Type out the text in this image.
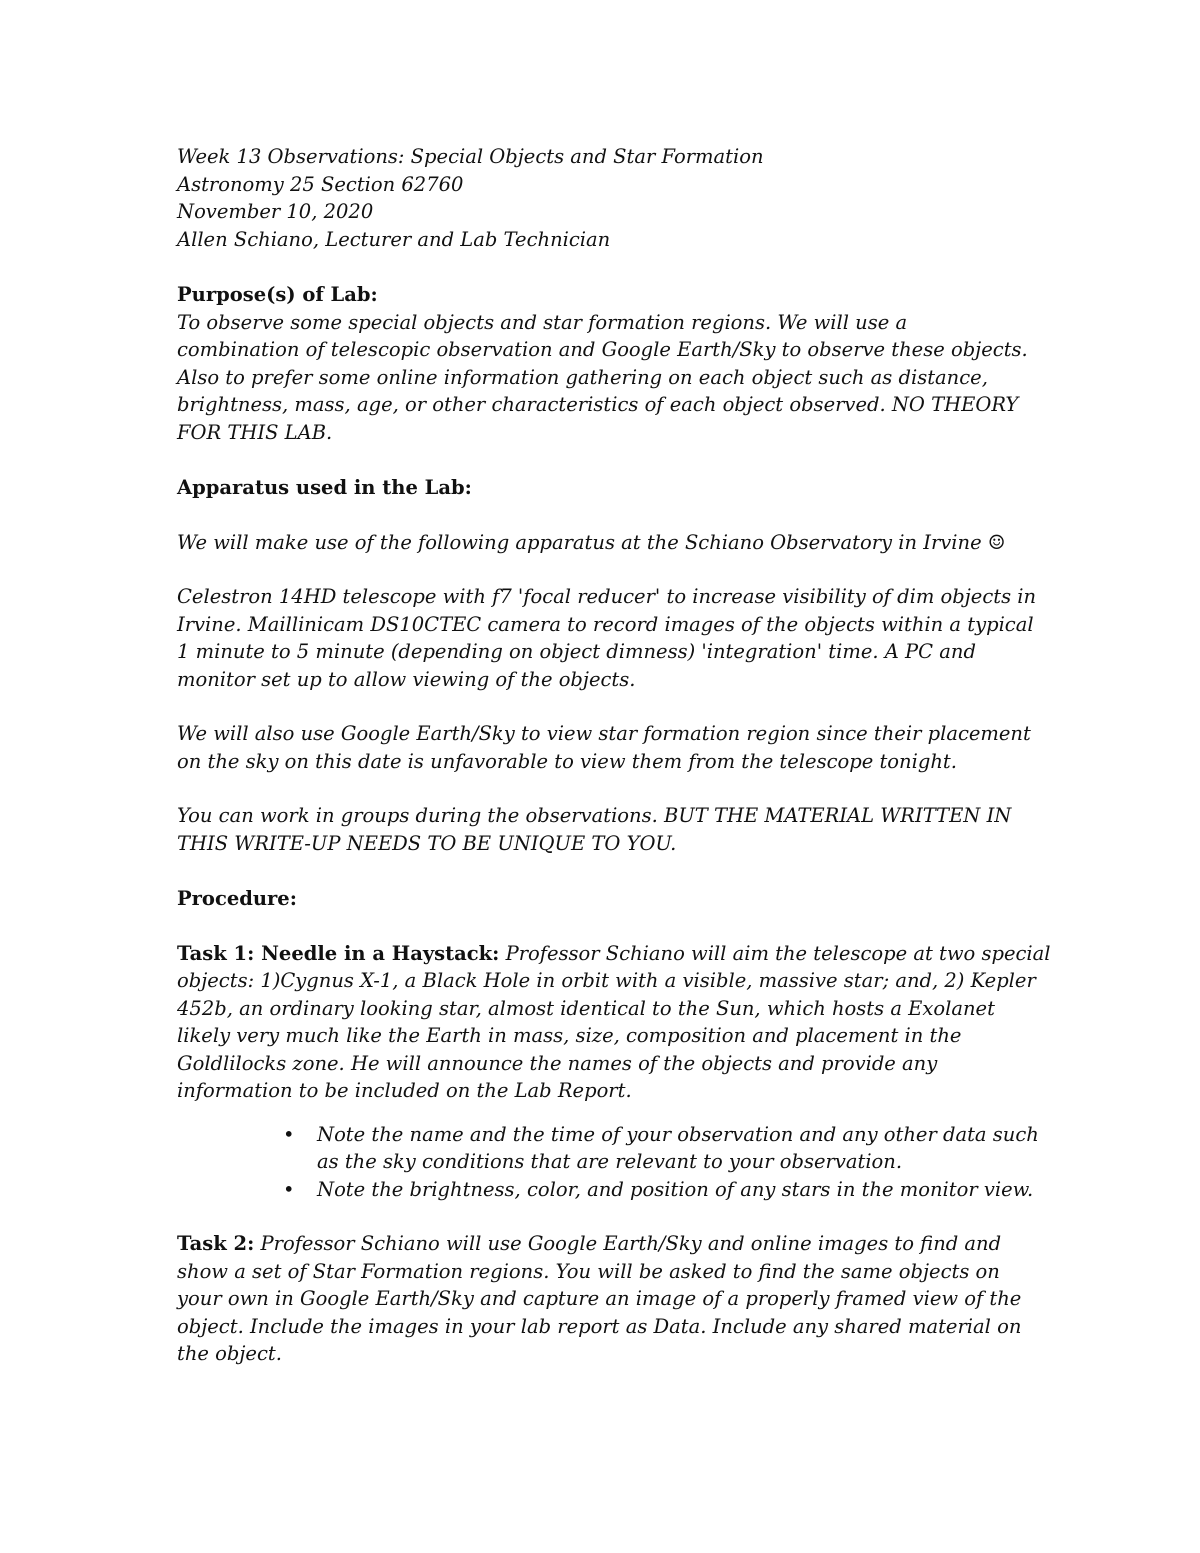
Week 13 Observations: Special Objects and Star Formation
Astronomy 25 Section 62760
November 10, 2020
Allen Schiano, Lecturer and Lab Technician
Purpose(s) of Lab:
To observe some special objects and star formation regions. We will use a
combination of telescopic observation and Google Earth/Sky to observe these objects.
Also to prefer some online information gathering on each object such as distance,
brightness, mass, age, or other characteristics of each object observed. NO THEORY
FOR THIS LAB.
Apparatus used in the Lab:
We will make use of the following apparatus at the Schiano Observatory in Irvine ☺
Celestron 14HD telescope with f7 'focal reducer' to increase visibility of dim objects in
Irvine. Maillinicam DS10CTEC camera to record images of the objects within a typical
1 minute to 5 minute (depending on object dimness) 'integration' time. A PC and
monitor set up to allow viewing of the objects.
We will also use Google Earth/Sky to view star formation region since their placement
on the sky on this date is unfavorable to view them from the telescope tonight.
You can work in groups during the observations. BUT THE MATERIAL WRITTEN IN
THIS WRITE-UP NEEDS TO BE UNIQUE TO YOU.
Procedure:
Task 1: Needle in a Haystack: Professor Schiano will aim the telescope at two special
objects: 1)Cygnus X-1, a Black Hole in orbit with a visible, massive star; and, 2) Kepler
452b, an ordinary looking star, almost identical to the Sun, which hosts a Exolanet
likely very much like the Earth in mass, size, composition and placement in the
Goldlilocks zone. He will announce the names of the objects and provide any
information to be included on the Lab Report.
• Note the name and the time of your observation and any other data such
as the sky conditions that are relevant to your observation.
• Note the brightness, color, and position of any stars in the monitor view.
Task 2: Professor Schiano will use Google Earth/Sky and online images to find and
show a set of Star Formation regions. You will be asked to find the same objects on
your own in Google Earth/Sky and capture an image of a properly framed view of the
object. Include the images in your lab report as Data. Include any shared material on
the object.
